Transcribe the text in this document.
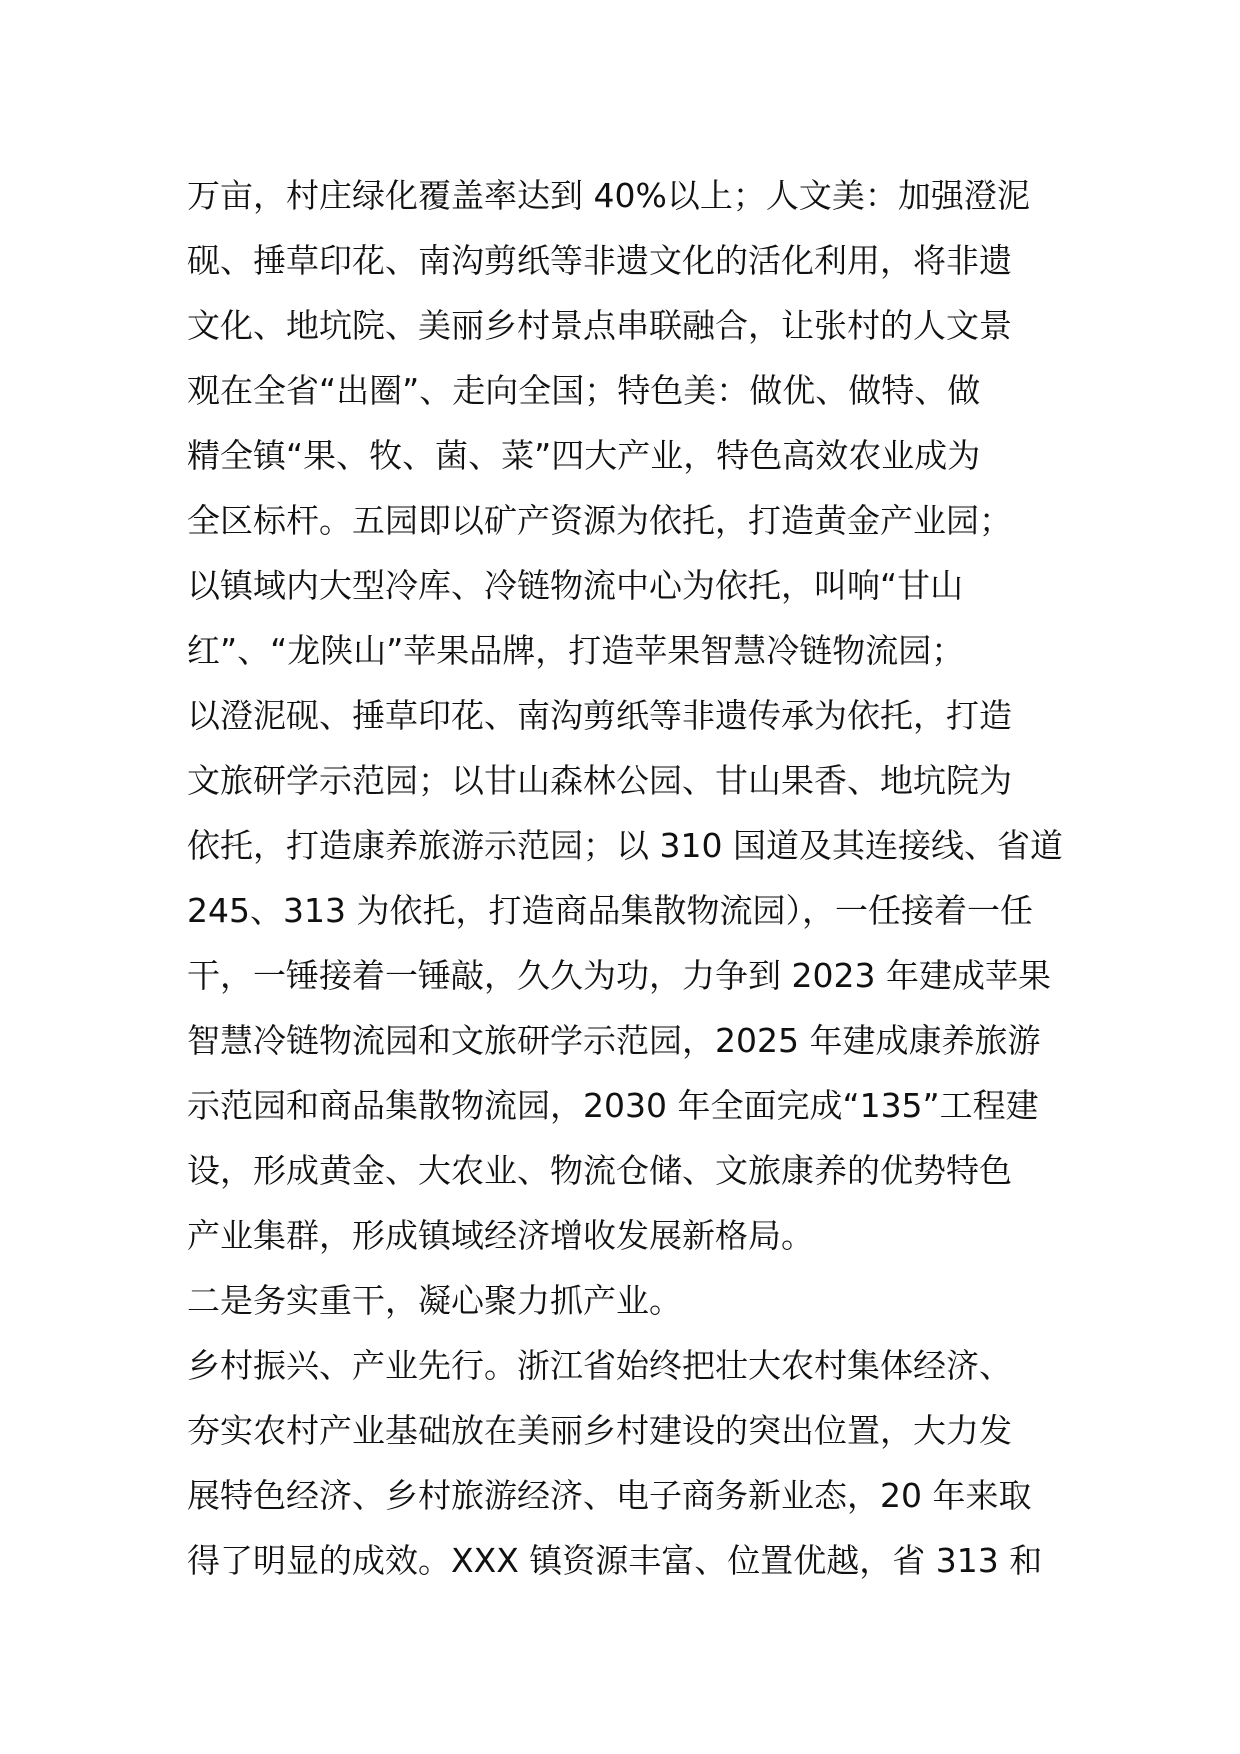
万亩，村庄绿化覆盖率达到 40%以上；人文美：加强澄泥
砚、捶草印花、南沟剪纸等非遗文化的活化利用，将非遗
文化、地坑院、美丽乡村景点串联融合，让张村的人文景
观在全省“出圈”、走向全国；特色美：做优、做特、做
精全镇“果、牧、菌、菜”四大产业，特色高效农业成为
全区标杆。五园即以矿产资源为依托，打造黄金产业园；
以镇域内大型冷库、冷链物流中心为依托，叫响“甘山
红”、“龙陕山”苹果品牌，打造苹果智慧冷链物流园；
以澄泥砚、捶草印花、南沟剪纸等非遗传承为依托，打造
文旅研学示范园；以甘山森林公园、甘山果香、地坑院为
依托，打造康养旅游示范园；以 310 国道及其连接线、省道
245、313 为依托，打造商品集散物流园），一任接着一任
干，一锤接着一锤敲，久久为功，力争到 2023 年建成苹果
智慧冷链物流园和文旅研学示范园，2025 年建成康养旅游
示范园和商品集散物流园，2030 年全面完成“135”工程建
设，形成黄金、大农业、物流仓储、文旅康养的优势特色
产业集群，形成镇域经济增收发展新格局。
二是务实重干，凝心聚力抓产业。
乡村振兴、产业先行。浙江省始终把壮大农村集体经济、
夯实农村产业基础放在美丽乡村建设的突出位置，大力发
展特色经济、乡村旅游经济、电子商务新业态，20 年来取
得了明显的成效。XXX 镇资源丰富、位置优越，省 313 和
